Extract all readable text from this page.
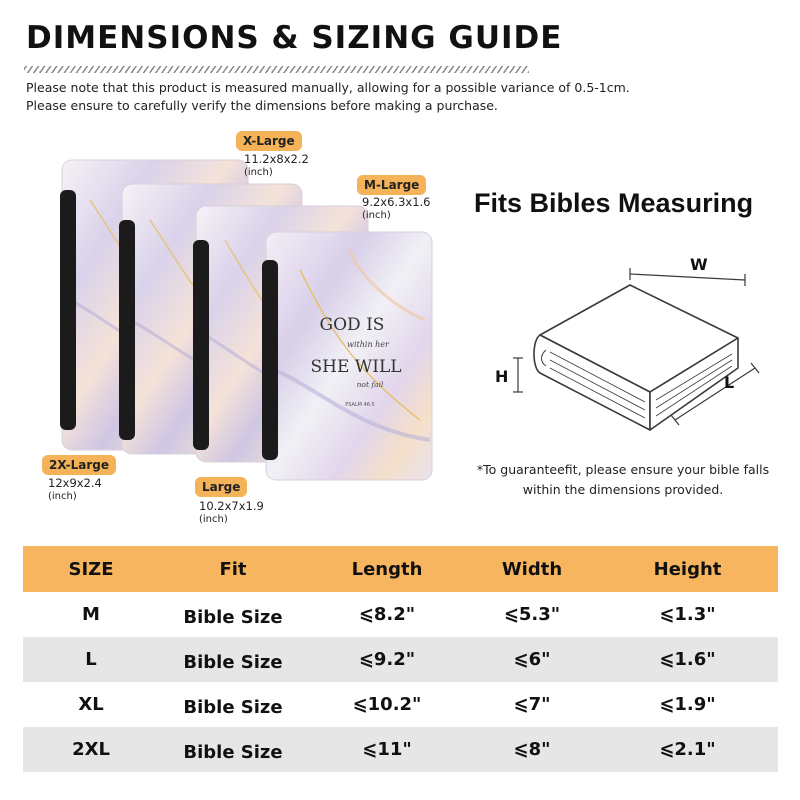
DIMENSIONS & SIZING GUIDE
Please note that this product is measured manually, allowing for a possible variance of 0.5-1cm.
Please ensure to carefully verify the dimensions before making a purchase.
GOD IS
within her
SHE WILL
not fail
PSALM 46:5
X-Large
11.2x8x2.2
(inch)
M-Large
9.2x6.3x1.6
(inch)
2X-Large
12x9x2.4
(inch)
Large
10.2x7x1.9
(inch)
Fits Bibles Measuring
W
H	L
*To guaranteefit, please ensure your bible falls within the dimensions provided.
SIZE	Fit	Length	Width	Height
M	Bible Size	⩽8.2"	⩽5.3"	⩽1.3"
L	Bible Size	⩽9.2"	⩽6"	⩽1.6"
XL	Bible Size	⩽10.2"	⩽7"	⩽1.9"
2XL	Bible Size	⩽11"	⩽8"	⩽2.1"
